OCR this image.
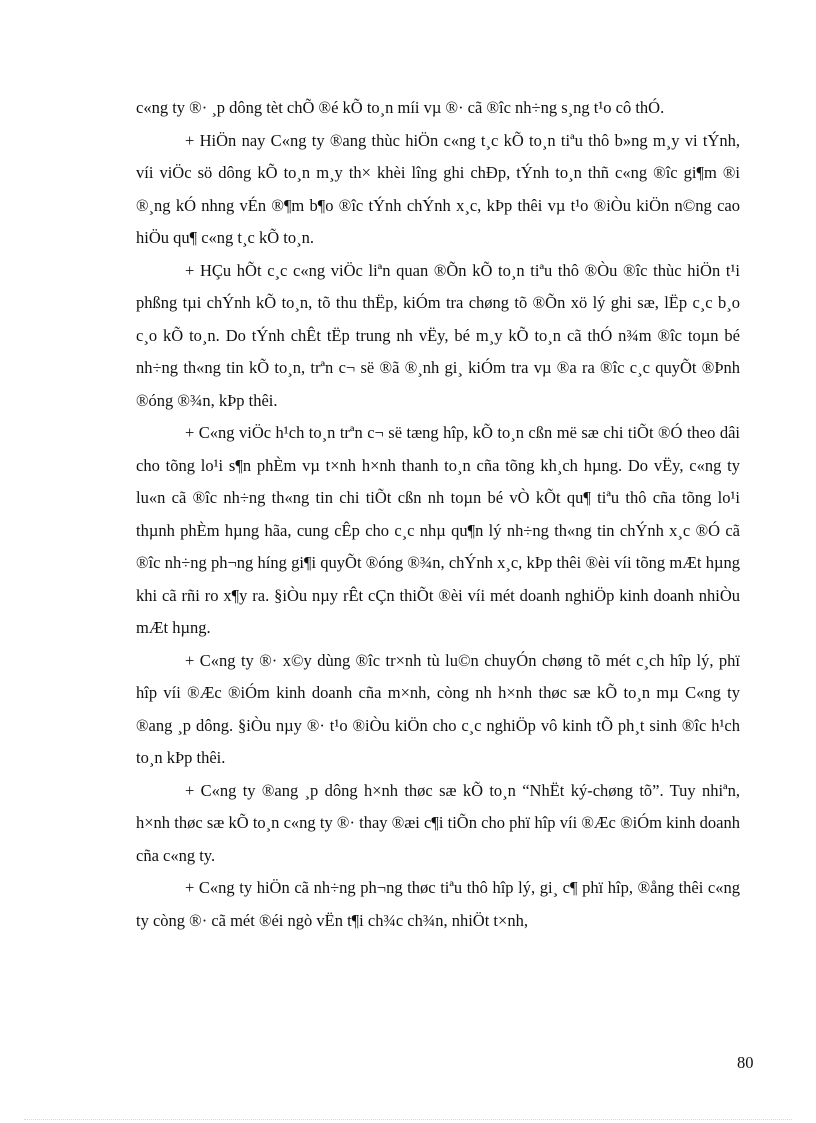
c«ng ty ®· ¸p dông tèt chÕ ®é kÕ to¸n míi vµ ®· cã ®îc nh÷ng s¸ng t¹o cô thÓ.

+ HiÖn nay C«ng ty ®ang thùc hiÖn c«ng t¸c kÕ to¸n tiªu thô b»ng m¸y vi tÝnh, víi viÖc sö dông kÕ to¸n m¸y th× khèi lîng ghi chÐp, tÝnh to¸n thñ c«ng ®îc gi¶m ®i ®¸ng kÓ nhng vÉn ®¶m b¶o ®îc tÝnh chÝnh x¸c, kÞp thêi vµ t¹o ®iÒu kiÖn n©ng cao hiÖu qu¶ c«ng t¸c kÕ to¸n.

+ HÇu hÕt c¸c c«ng viÖc liªn quan ®Õn kÕ to¸n tiªu thô ®Òu ®îc thùc hiÖn t¹i phßng tµi chÝnh kÕ to¸n, tõ thu thËp, kiÓm tra chøng tõ ®Õn xö lý ghi sæ, lËp c¸c b¸o c¸o kÕ to¸n. Do tÝnh chÊt tËp trung nh vËy, bé m¸y kÕ to¸n cã thÓ n¾m ®îc toµn bé nh÷ng th«ng tin kÕ to¸n, trªn c¬ së ®ã ®¸nh gi¸ kiÓm tra vµ ®a ra ®îc c¸c quyÕt ®Þnh ®óng ®¾n, kÞp thêi.

+ C«ng viÖc h¹ch to¸n trªn c¬ së tæng hîp, kÕ to¸n cßn më sæ chi tiÕt ®Ó theo dâi cho tõng lo¹i s¶n phÈm vµ t×nh h×nh thanh to¸n cña tõng kh¸ch hµng. Do vËy, c«ng ty lu«n cã ®îc nh÷ng th«ng tin chi tiÕt cßn nh toµn bé vÒ kÕt qu¶ tiªu thô cña tõng lo¹i thµnh phÈm hµng hãa, cung cÊp cho c¸c nhµ qu¶n lý nh÷ng th«ng tin chÝnh x¸c ®Ó cã ®îc nh÷ng ph¬ng híng gi¶i quyÕt ®óng ®¾n, chÝnh x¸c, kÞp thêi ®èi víi tõng mÆt hµng khi cã rñi ro x¶y ra. §iÒu nµy rÊt cÇn thiÕt ®èi víi mét doanh nghiÖp kinh doanh nhiÒu mÆt hµng.

+ C«ng ty ®· x©y dùng ®îc tr×nh tù lu©n chuyÓn chøng tõ mét c¸ch hîp lý, phï hîp víi ®Æc ®iÓm kinh doanh cña m×nh, còng nh h×nh thøc sæ kÕ to¸n mµ C«ng ty ®ang ¸p dông. §iÒu nµy ®· t¹o ®iÒu kiÖn cho c¸c nghiÖp vô kinh tÕ ph¸t sinh ®îc h¹ch to¸n kÞp thêi.

+ C«ng ty ®ang ¸p dông h×nh thøc sæ kÕ to¸n “NhËt ký-chøng tõ”. Tuy nhiªn, h×nh thøc sæ kÕ to¸n c«ng ty ®· thay ®æi c¶i tiÕn cho phï hîp víi ®Æc ®iÓm kinh doanh cña c«ng ty.

+ C«ng ty hiÖn cã nh÷ng ph¬ng thøc tiªu thô hîp lý, gi¸ c¶ phï hîp, ®ång thêi c«ng ty còng ®· cã mét ®éi ngò vËn t¶i ch¾c ch¾n, nhiÖt t×nh,

80
